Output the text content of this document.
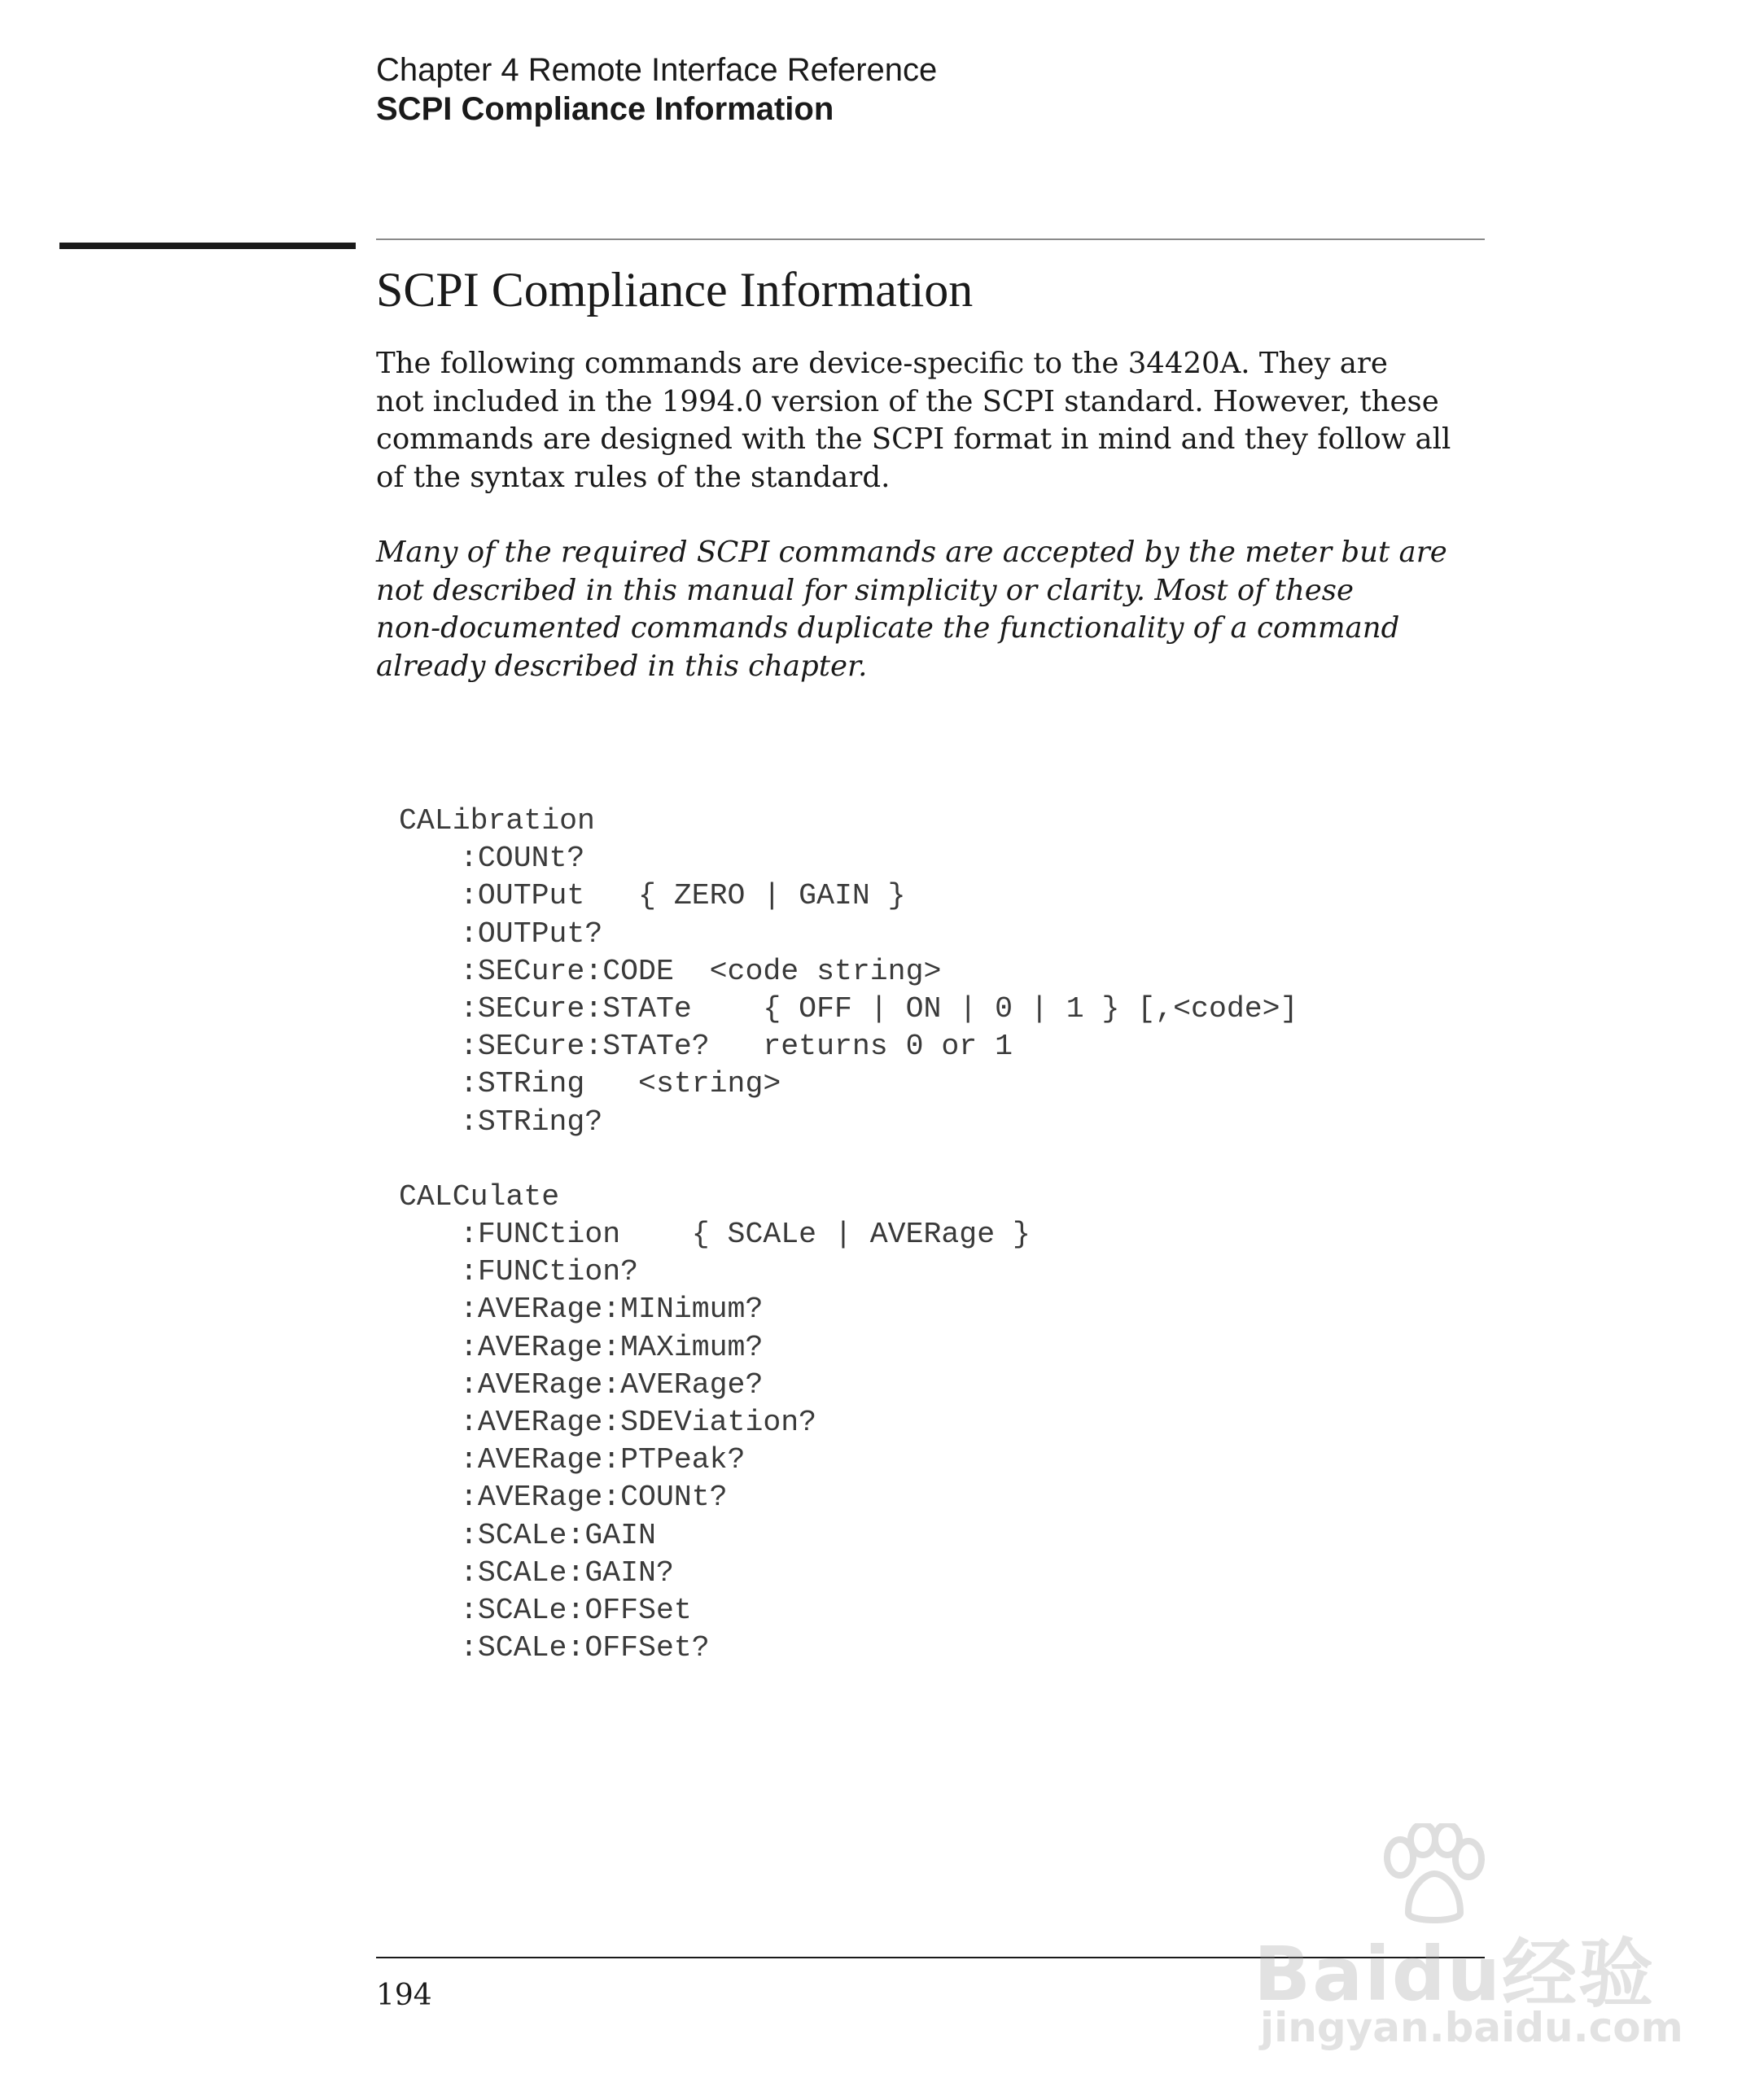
Chapter 4 Remote Interface Reference
SCPI Compliance Information
SCPI Compliance Information

The following commands are device-specific to the 34420A. They are
not included in the 1994.0 version of the SCPI standard. However, these
commands are designed with the SCPI format in mind and they follow all
of the syntax rules of the standard.

Many of the required SCPI commands are accepted by the meter but are
not described in this manual for simplicity or clarity. Most of these
non-documented commands duplicate the functionality of a command
already described in this chapter.

CALibration
:COUNt?
:OUTPut   { ZERO | GAIN }
:OUTPut?
:SECure:CODE  <code string>
:SECure:STATe    { OFF | ON | 0 | 1 } [,<code>]
:SECure:STATe?   returns 0 or 1
:STRing   <string>
:STRing?
CALCulate
:FUNCtion    { SCALe | AVERage }
:FUNCtion?
:AVERage:MINimum?
:AVERage:MAXimum?
:AVERage:AVERage?
:AVERage:SDEViation?
:AVERage:PTPeak?
:AVERage:COUNt?
:SCALe:GAIN
:SCALe:GAIN?
:SCALe:OFFSet
:SCALe:OFFSet?
194	Baidu经验
jingyan.baidu.com
